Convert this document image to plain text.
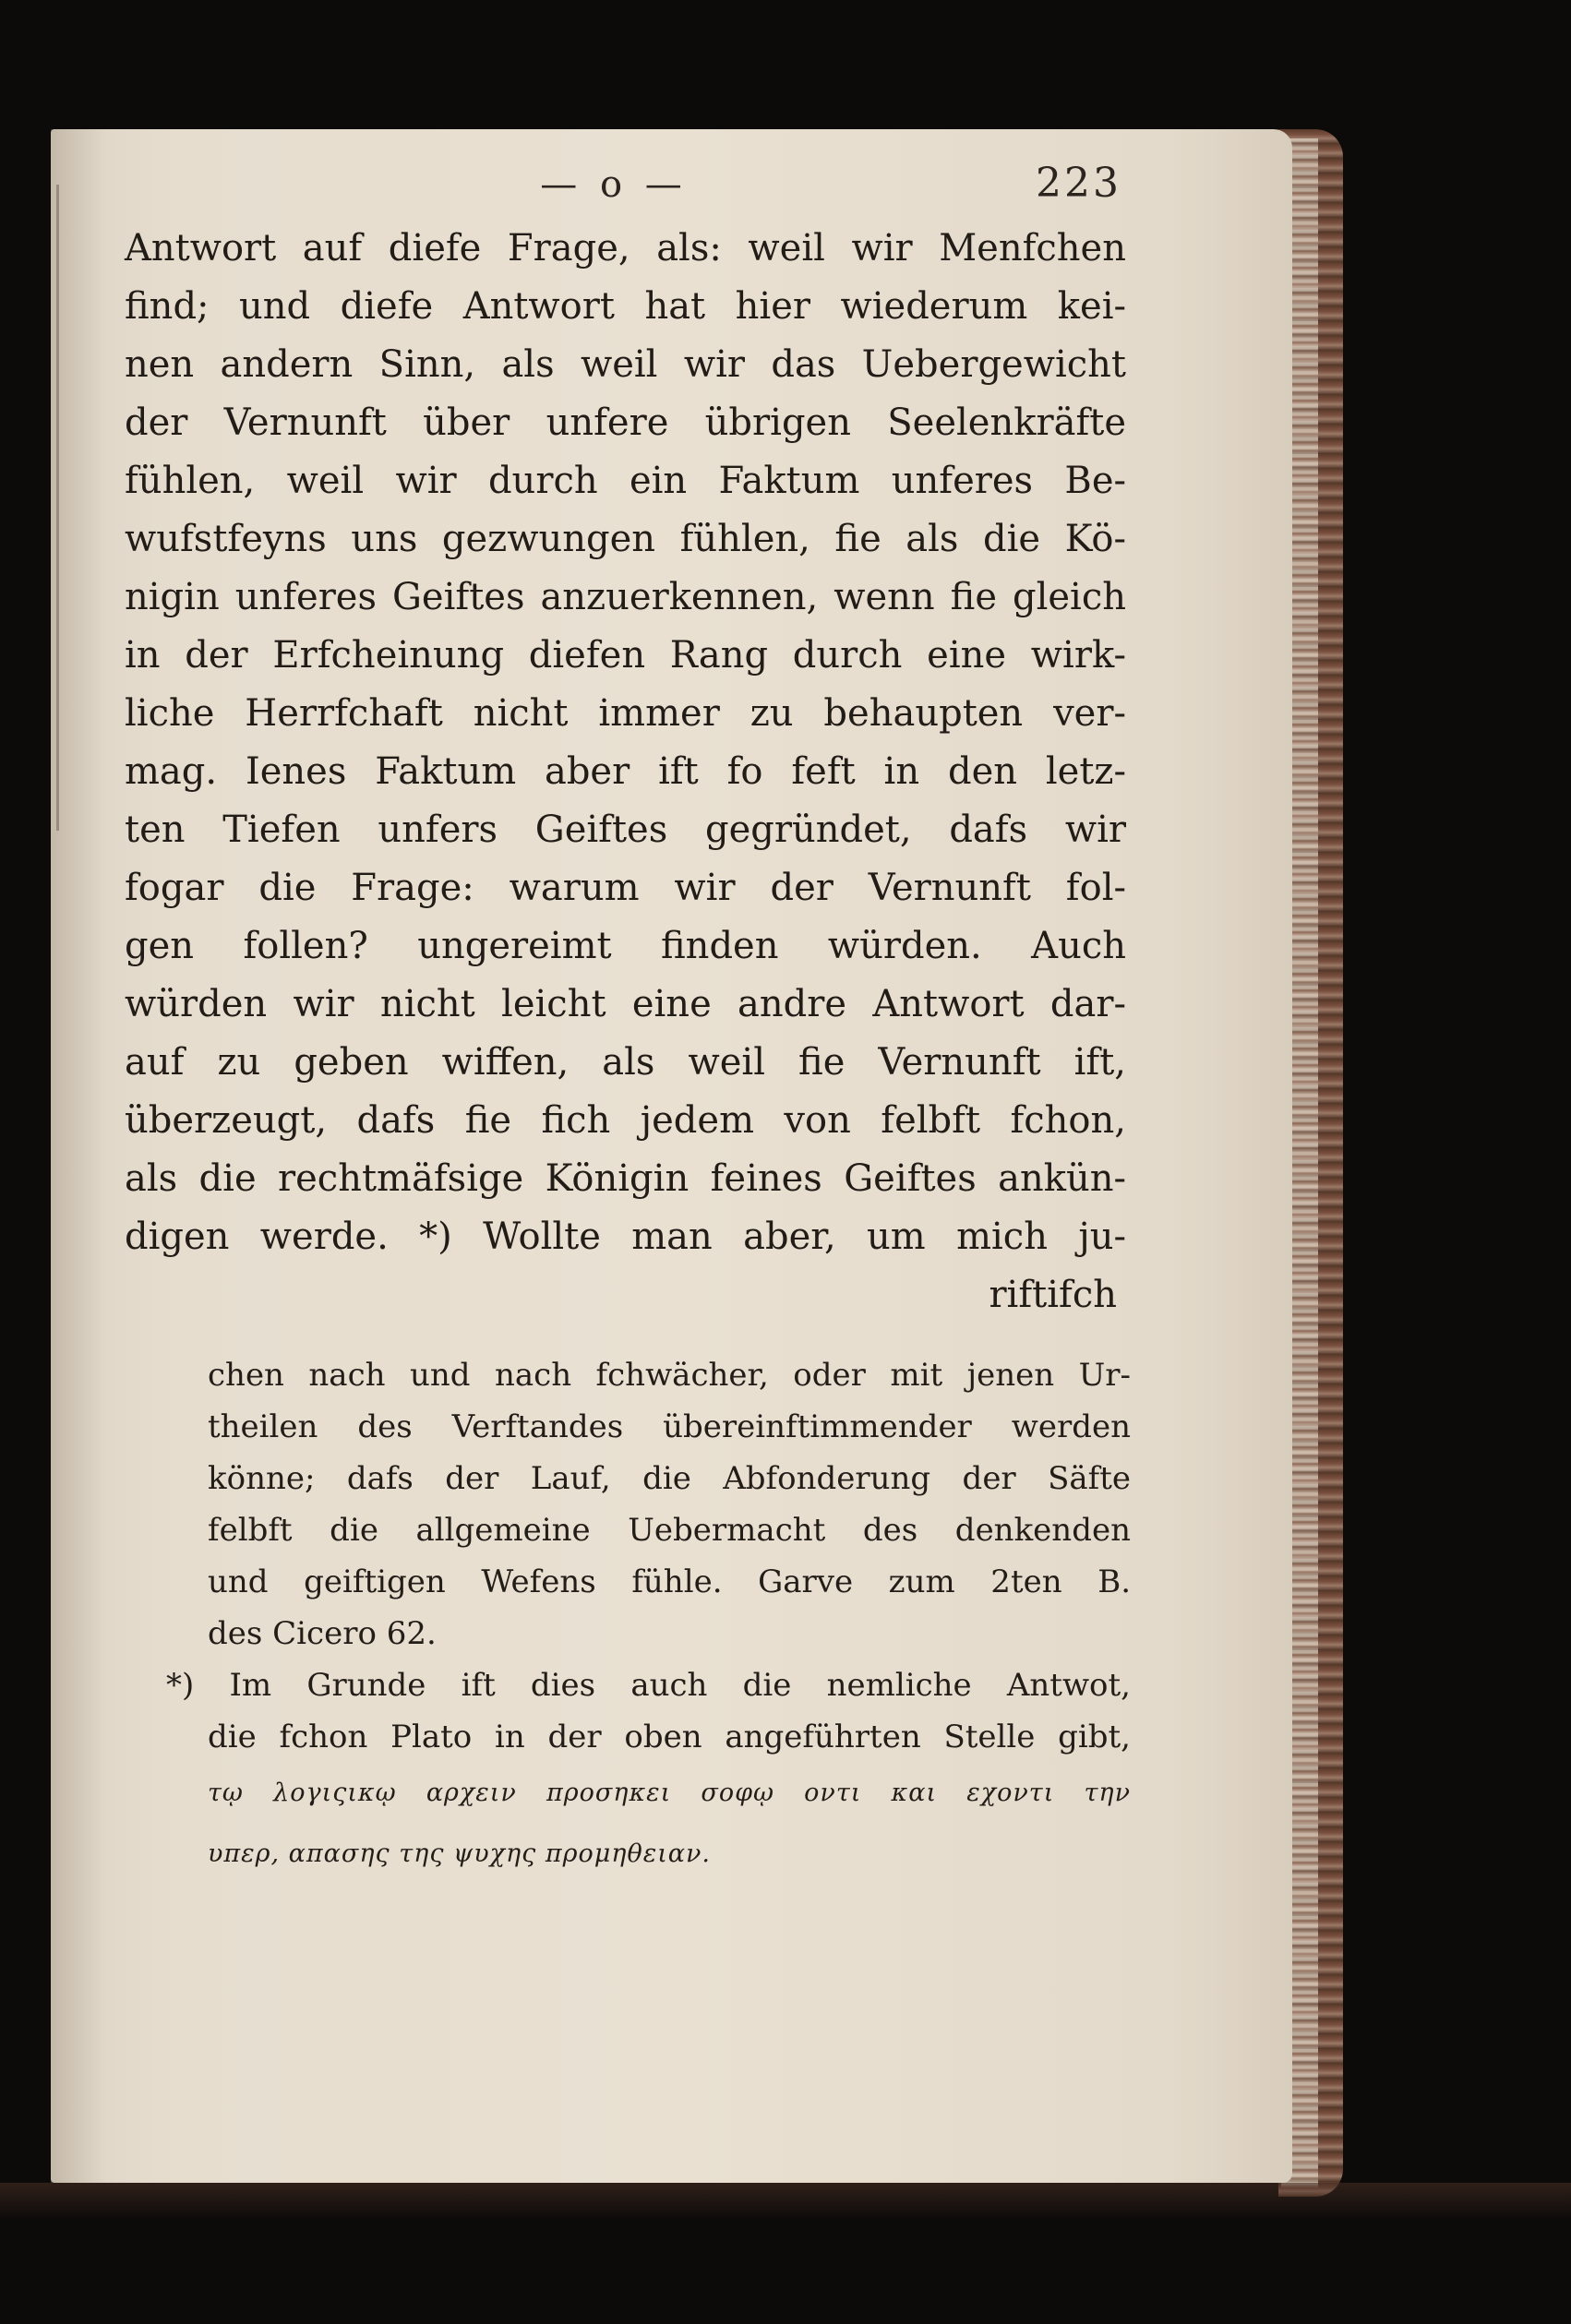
— o —	223
Antwort auf diefe Frage, als: weil wir Menfchen
find; und diefe Antwort hat hier wiederum kei-
nen andern Sinn, als weil wir das Uebergewicht
der Vernunft über unfere übrigen Seelenkräfte
fühlen, weil wir durch ein Faktum unferes Be-
wufstfeyns uns gezwungen fühlen, fie als die Kö-
nigin unferes Geiftes anzuerkennen, wenn fie gleich
in der Erfcheinung diefen Rang durch eine wirk-
liche Herrfchaft nicht immer zu behaupten ver-
mag. Ienes Faktum aber ift fo feft in den letz-
ten Tiefen unfers Geiftes gegründet, dafs wir
fogar die Frage: warum wir der Vernunft fol-
gen follen? ungereimt finden würden. Auch
würden wir nicht leicht eine andre Antwort dar-
auf zu geben wiffen, als weil fie Vernunft ift,
überzeugt, dafs fie fich jedem von felbft fchon,
als die rechtmäfsige Königin feines Geiftes ankün-
digen werde. *) Wollte man aber, um mich ju-
riftifch
chen nach und nach fchwächer, oder mit jenen Ur-
theilen des Verftandes übereinftimmender werden
könne; dafs der Lauf, die Abfonderung der Säfte
felbft die allgemeine Uebermacht des denkenden
und geiftigen Wefens fühle. Garve zum 2ten B.
des Cicero 62.
*) Im Grunde ift dies auch die nemliche Antwot,
die fchon Plato in der oben angeführten Stelle gibt,
τῳ λογιςικῳ αρχειν προσηκει σοφῳ οντι και εχοντι την
υπερ, απασης της ψυχης προμηθειαν.
